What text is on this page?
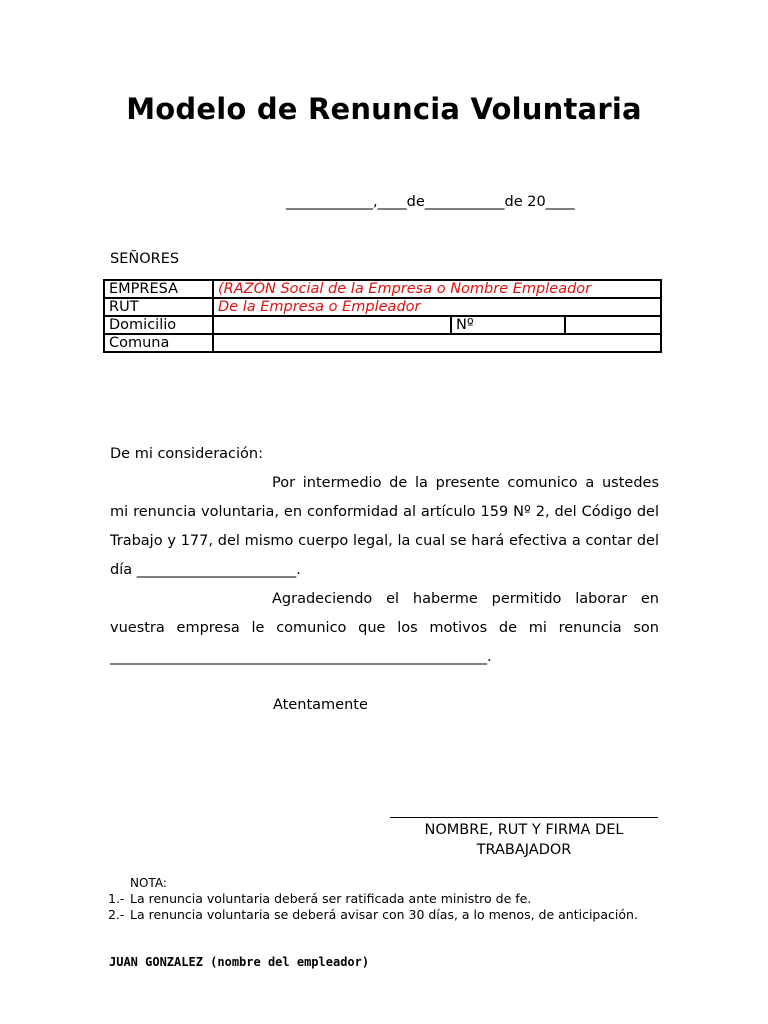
Modelo de Renuncia Voluntaria
____________,____de___________de 20____
SEÑORES
EMPRESA	(RAZÓN Social de la Empresa o Nombre Empleador		
RUT	De la Empresa o Empleador		
Domicilio		Nº	
Comuna			
De mi consideración:

Por intermedio de la presente comunico a ustedes mi renuncia voluntaria, en conformidad al artículo 159 Nº 2, del Código del Trabajo y 177, del mismo cuerpo legal, la cual se hará efectiva a contar del día ______________________.

Agradeciendo el haberme permitido laborar en

vuestra empresa le comunico que los motivos de mi renuncia son

____________________________________________________.

Atentamente
NOMBRE, RUT Y FIRMA DEL
TRABAJADOR
NOTA:
1.- La renuncia voluntaria deberá ser ratificada ante ministro de fe.
2.- La renuncia voluntaria se deberá avisar con 30 días, a lo menos, de anticipación.
JUAN GONZALEZ (nombre del empleador)
